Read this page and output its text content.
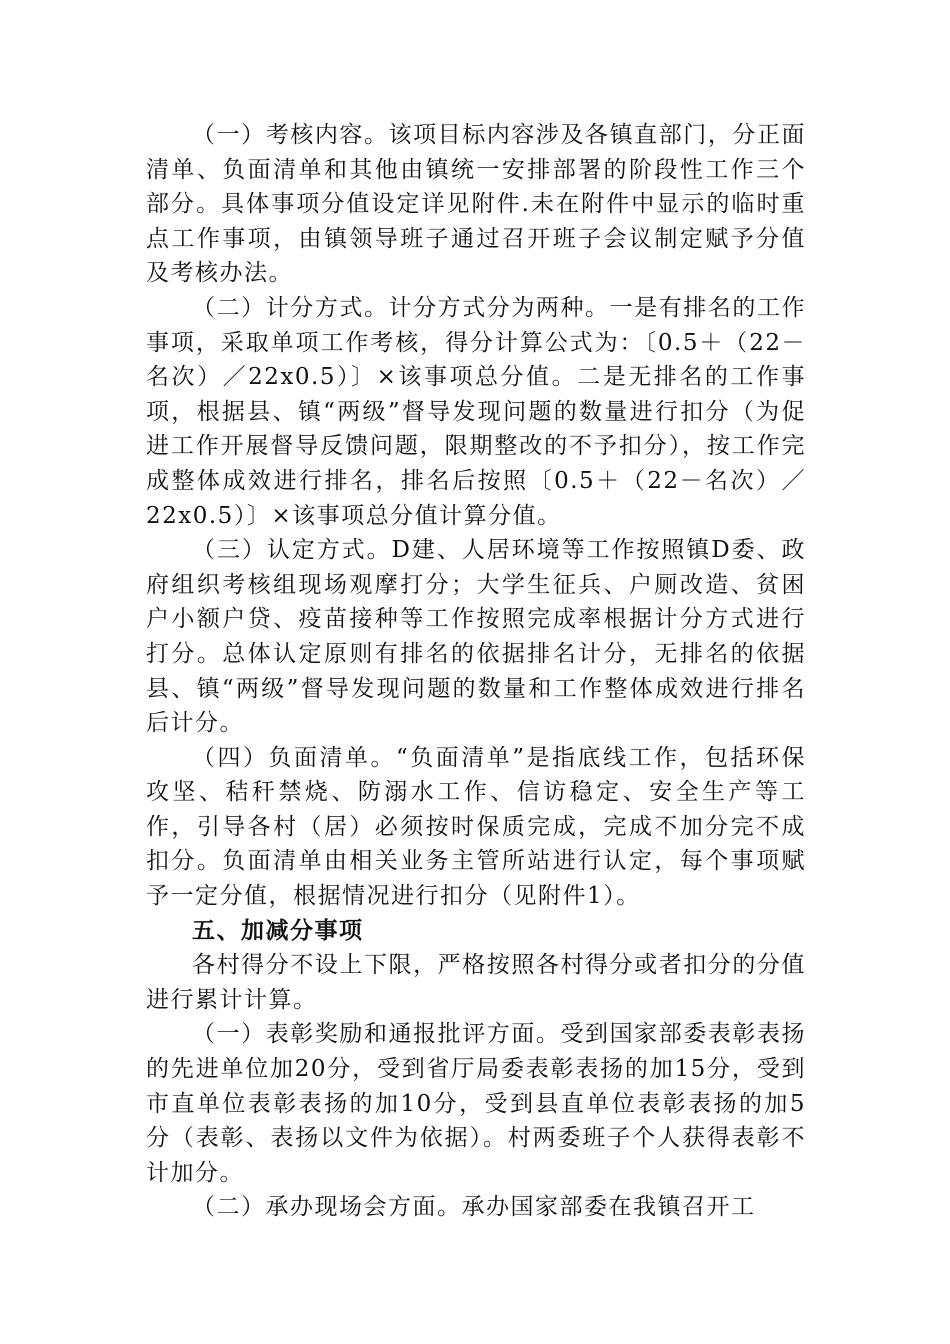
（一）考核内容。该项目标内容涉及各镇直部门，分正面清单、负面清单和其他由镇统一安排部署的阶段性工作三个部分。具体事项分值设定详见附件.未在附件中显示的临时重点工作事项，由镇领导班子通过召开班子会议制定赋予分值及考核办法。

（二）计分方式。计分方式分为两种。一是有排名的工作事项，采取单项工作考核，得分计算公式为：〔0.5＋（22－名次）／22x0.5）〕×该事项总分值。二是无排名的工作事项，根据县、镇“两级”督导发现问题的数量进行扣分（为促进工作开展督导反馈问题，限期整改的不予扣分），按工作完成整体成效进行排名，排名后按照〔0.5＋（22－名次）／22x0.5）〕×该事项总分值计算分值。

（三）认定方式。D建、人居环境等工作按照镇D委、政府组织考核组现场观摩打分；大学生征兵、户厕改造、贫困户小额户贷、疫苗接种等工作按照完成率根据计分方式进行打分。总体认定原则有排名的依据排名计分，无排名的依据县、镇“两级”督导发现问题的数量和工作整体成效进行排名后计分。

（四）负面清单。“负面清单”是指底线工作，包括环保攻坚、秸秆禁烧、防溺水工作、信访稳定、安全生产等工作，引导各村（居）必须按时保质完成，完成不加分完不成扣分。负面清单由相关业务主管所站进行认定，每个事项赋予一定分值，根据情况进行扣分（见附件1）。

五、加减分事项

各村得分不设上下限，严格按照各村得分或者扣分的分值进行累计计算。

（一）表彰奖励和通报批评方面。受到国家部委表彰表扬的先进单位加20分，受到省厅局委表彰表扬的加15分，受到市直单位表彰表扬的加10分，受到县直单位表彰表扬的加5分（表彰、表扬以文件为依据）。村两委班子个人获得表彰不计加分。

（二）承办现场会方面。承办国家部委在我镇召开工
